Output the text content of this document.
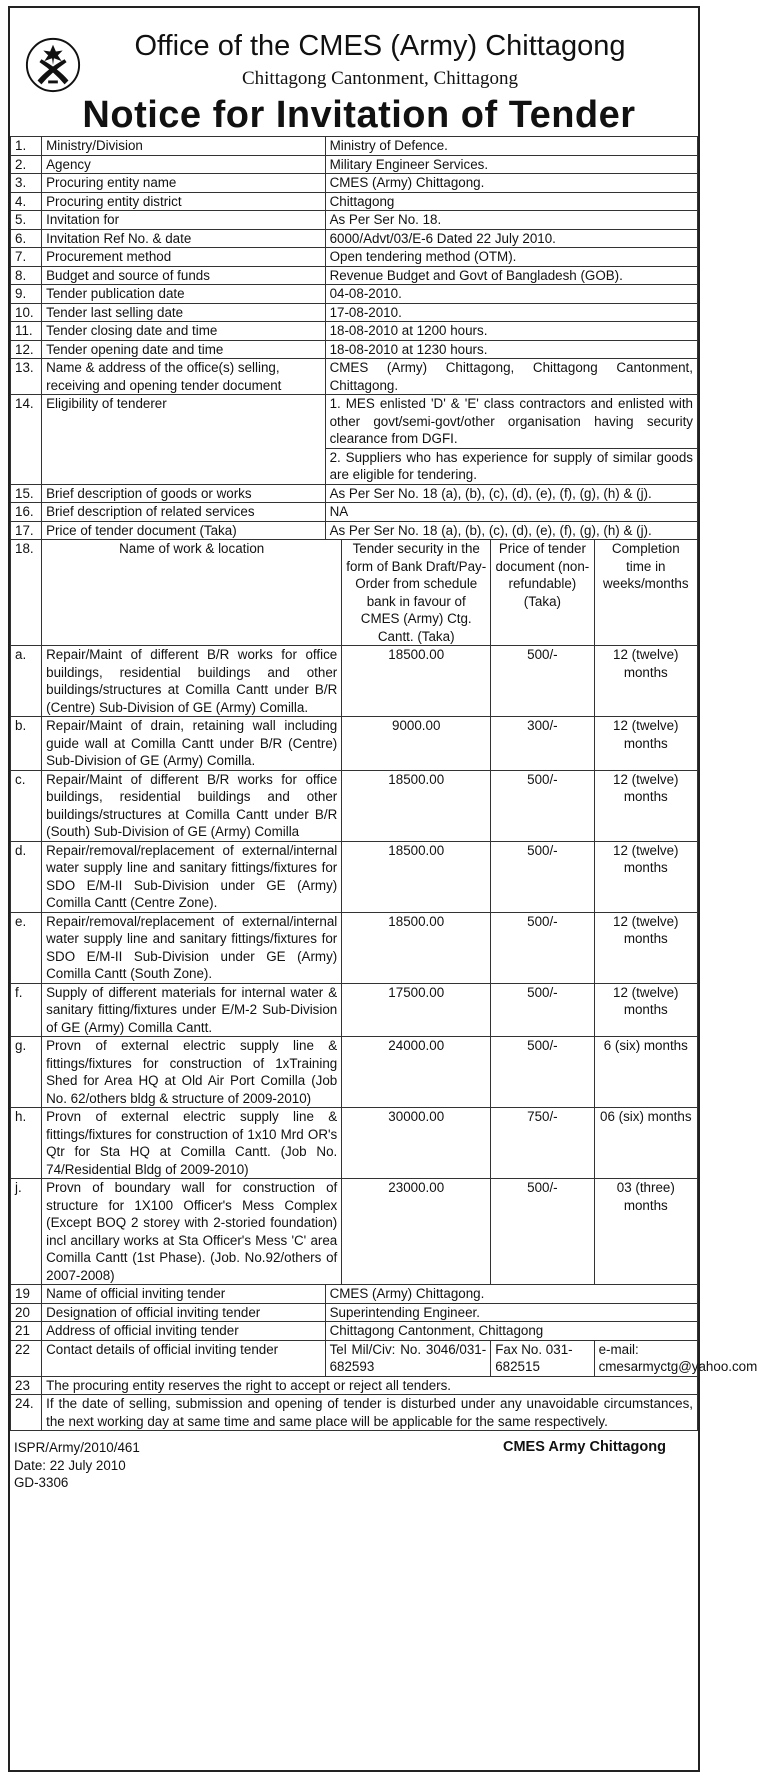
Office of the CMES (Army) Chittagong
Chittagong Cantonment, Chittagong
Notice for Invitation of Tender
1.	Ministry/Division	Ministry of Defence.			
2.	Agency	Military Engineer Services.			
3.	Procuring entity name	CMES (Army) Chittagong.			
4.	Procuring entity district	Chittagong			
5.	Invitation for	As Per Ser No. 18.			
6.	Invitation Ref No. & date	6000/Advt/03/E-6 Dated 22 July 2010.			
7.	Procurement method	Open tendering method (OTM).			
8.	Budget and source of funds	Revenue Budget and Govt of Bangladesh (GOB).			
9.	Tender publication date	04-08-2010.			
10.	Tender last selling date	17-08-2010.			
11.	Tender closing date and time	18-08-2010 at 1200 hours.			
12.	Tender opening date and time	18-08-2010 at 1230 hours.			
13.	Name & address of the office(s) selling, receiving and opening tender document	CMES (Army) Chittagong, Chittagong Cantonment, Chittagong.			
14.	Eligibility of tenderer	1. MES enlisted 'D' & 'E' class contractors and enlisted with other govt/semi-govt/other organisation having security clearance from DGFI.			
		2. Suppliers who has experience for supply of similar goods are eligible for tendering.			
15.	Brief description of goods or works	As Per Ser No. 18 (a), (b), (c), (d), (e), (f), (g), (h) & (j).			
16.	Brief description of related services	NA			
17.	Price of tender document (Taka)	As Per Ser No. 18 (a), (b), (c), (d), (e), (f), (g), (h) & (j).			
18.	Name of work & location		Tender security in the form of Bank Draft/Pay-Order from schedule bank in favour of CMES (Army) Ctg. Cantt. (Taka)	Price of tender document (non-refundable) (Taka)	Completion time in weeks/months
a.	Repair/Maint of different B/R works for office buildings, residential buildings and other buildings/structures at Comilla Cantt under B/R (Centre) Sub-Division of GE (Army) Comilla.		18500.00	500/-	12 (twelve) months
b.	Repair/Maint of drain, retaining wall including guide wall at Comilla Cantt under B/R (Centre) Sub-Division of GE (Army) Comilla.		9000.00	300/-	12 (twelve) months
c.	Repair/Maint of different B/R works for office buildings, residential buildings and other buildings/structures at Comilla Cantt under B/R (South) Sub-Division of GE (Army) Comilla		18500.00	500/-	12 (twelve) months
d.	Repair/removal/replacement of external/internal water supply line and sanitary fittings/fixtures for SDO E/M-II Sub-Division under GE (Army) Comilla Cantt (Centre Zone).		18500.00	500/-	12 (twelve) months
e.	Repair/removal/replacement of external/internal water supply line and sanitary fittings/fixtures for SDO E/M-II Sub-Division under GE (Army) Comilla Cantt (South Zone).		18500.00	500/-	12 (twelve) months
f.	Supply of different materials for internal water & sanitary fitting/fixtures under E/M-2 Sub-Division of GE (Army) Comilla Cantt.		17500.00	500/-	12 (twelve) months
g.	Provn of external electric supply line & fittings/fixtures for construction of 1xTraining Shed for Area HQ at Old Air Port Comilla (Job No. 62/others bldg & structure of 2009-2010)		24000.00	500/-	6 (six) months
h.	Provn of external electric supply line & fittings/fixtures for construction of 1x10 Mrd OR's Qtr for Sta HQ at Comilla Cantt. (Job No. 74/Residential Bldg of 2009-2010)		30000.00	750/-	06 (six) months
j.	Provn of boundary wall for construction of structure for 1X100 Officer's Mess Complex (Except BOQ 2 storey with 2-storied foundation) incl ancillary works at Sta Officer's Mess 'C' area Comilla Cantt (1st Phase). (Job. No.92/others of 2007-2008)		23000.00	500/-	03 (three) months
19	Name of official inviting tender	CMES (Army) Chittagong.			
20	Designation of official inviting tender	Superintending Engineer.			
21	Address of official inviting tender	Chittagong Cantonment, Chittagong			
22	Contact details of official inviting tender	Tel Mil/Civ: No. 3046/031-682593		Fax No. 031-682515	e-mail: cmesarmyctg@yahoo.com
23	The procuring entity reserves the right to accept or reject all tenders.				
24.	If the date of selling, submission and opening of tender is disturbed under any unavoidable circumstances, the next working day at same time and same place will be applicable for the same respectively.				
ISPR/Army/2010/461
Date: 22 July 2010
GD-3306
CMES Army Chittagong
